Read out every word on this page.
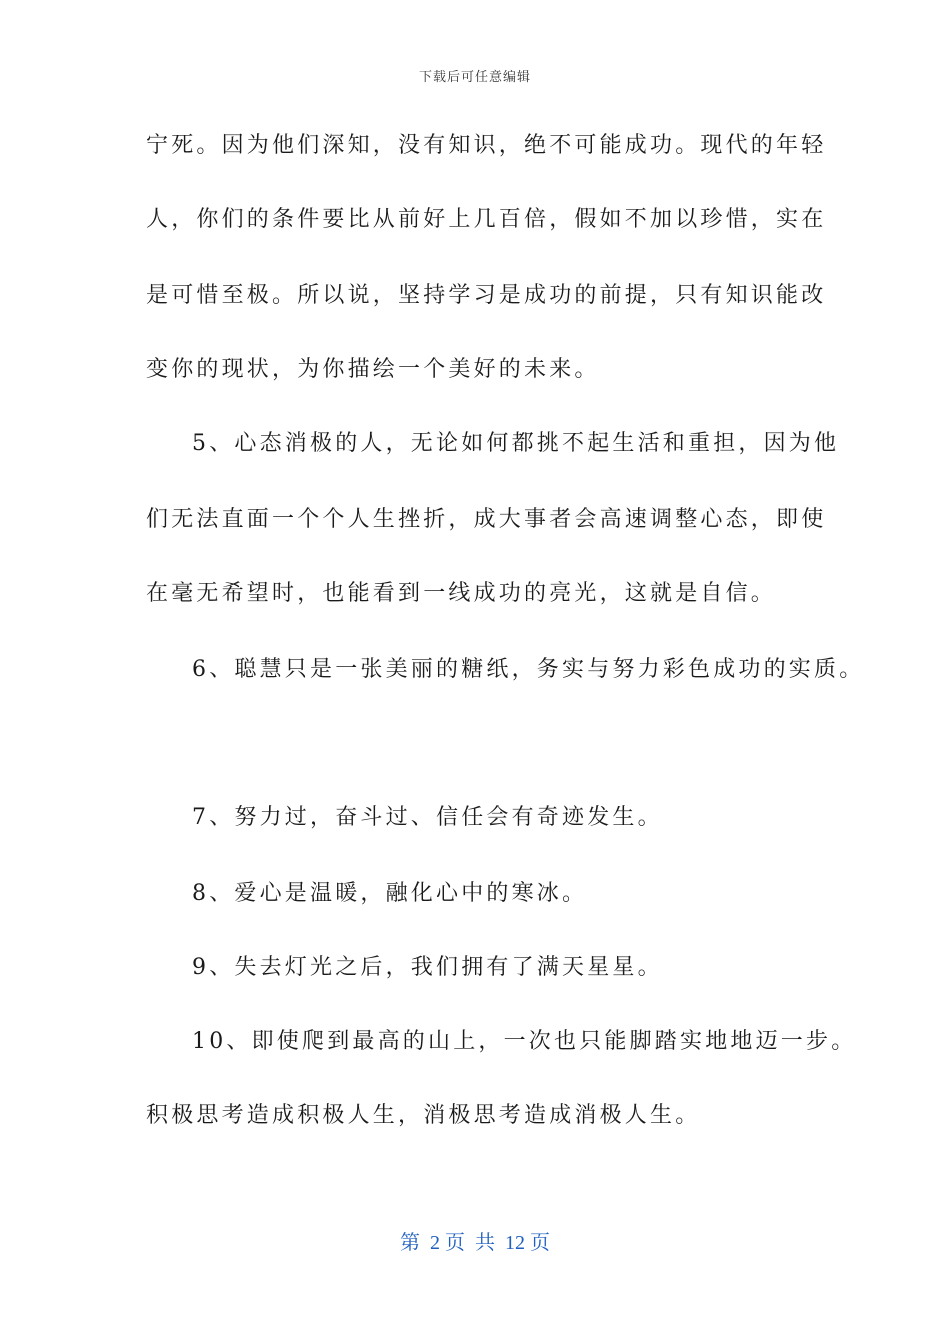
下载后可任意编辑
宁死。因为他们深知，没有知识，绝不可能成功。现代的年轻
人，你们的条件要比从前好上几百倍，假如不加以珍惜，实在
是可惜至极。所以说，坚持学习是成功的前提，只有知识能改
变你的现状，为你描绘一个美好的未来。
5、心态消极的人，无论如何都挑不起生活和重担，因为他
们无法直面一个个人生挫折，成大事者会高速调整心态，即使
在毫无希望时，也能看到一线成功的亮光，这就是自信。
6、聪慧只是一张美丽的糖纸，务实与努力彩色成功的实质。
7、努力过，奋斗过、信任会有奇迹发生。
8、爱心是温暖，融化心中的寒冰。
9、失去灯光之后，我们拥有了满天星星。
10、即使爬到最高的山上，一次也只能脚踏实地地迈一步。
积极思考造成积极人生，消极思考造成消极人生。
第  2 页  共  12 页
